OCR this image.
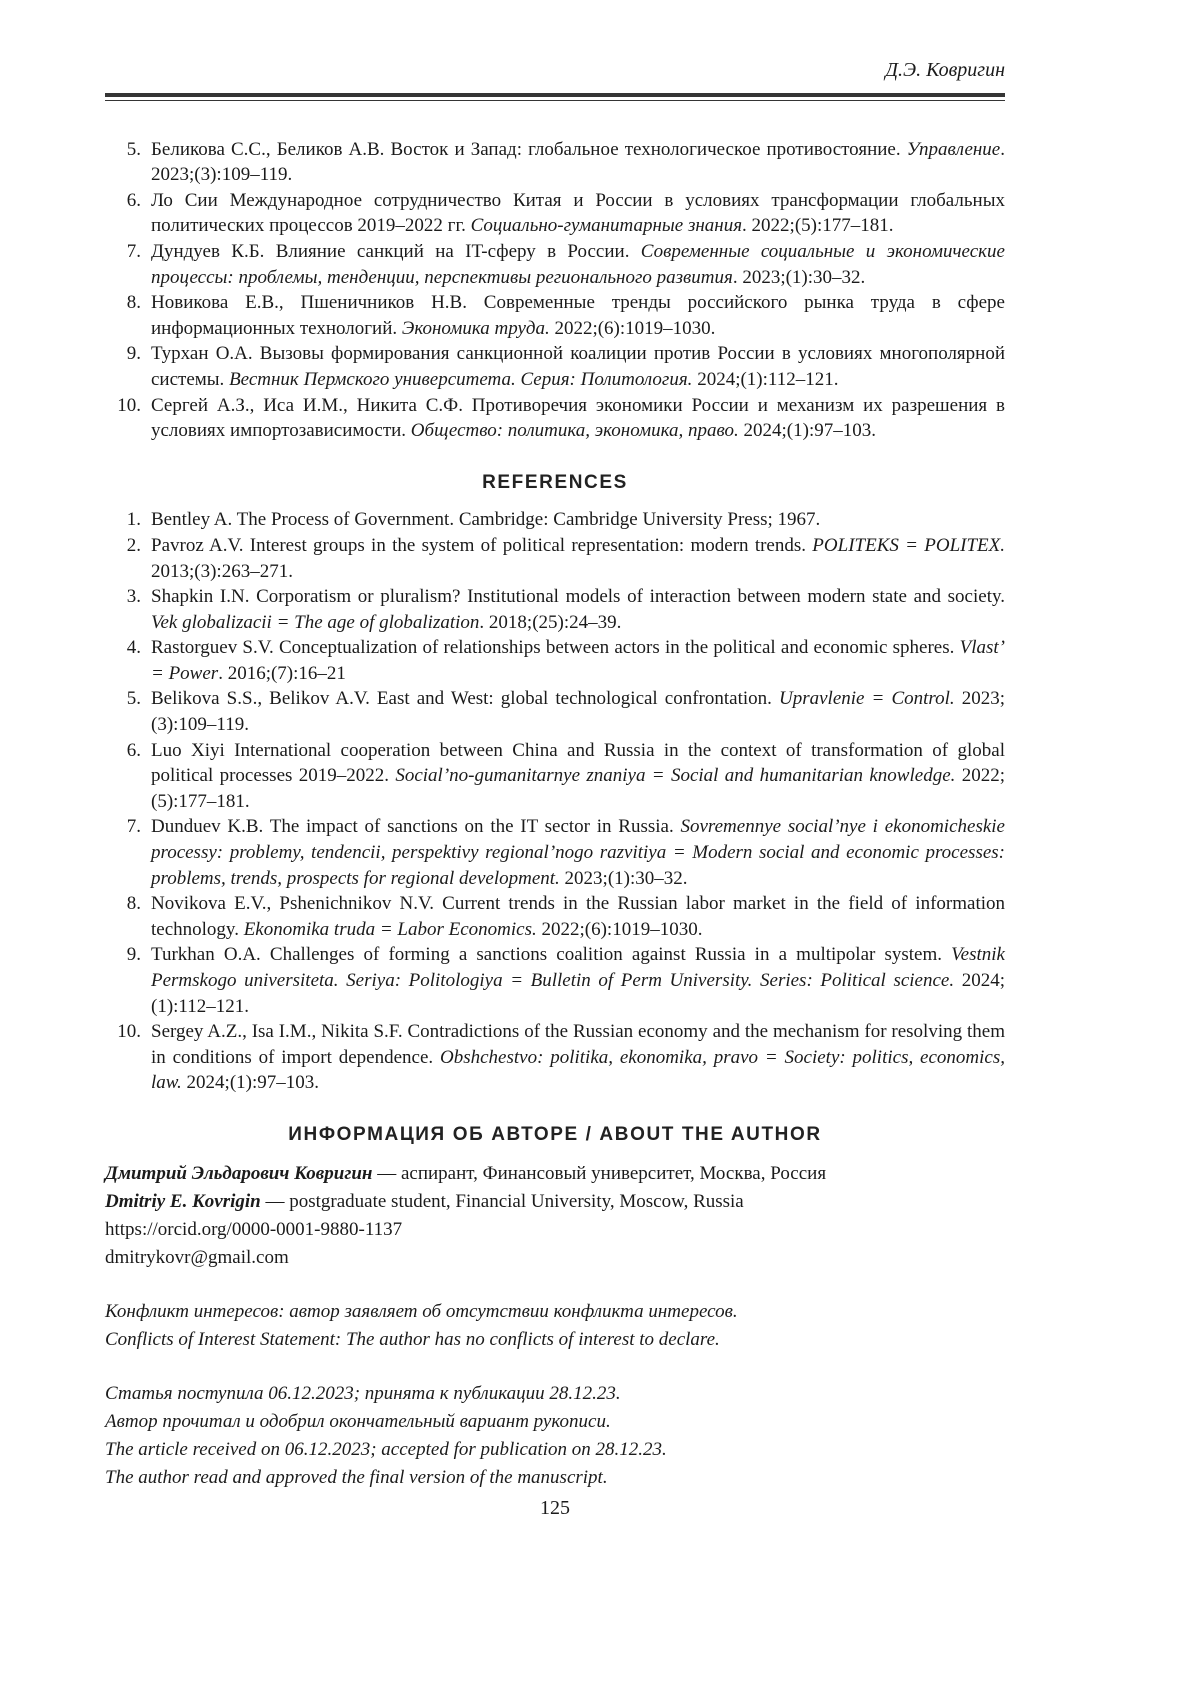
Д.Э. Ковригин
5. Беликова С.С., Беликов А.В. Восток и Запад: глобальное технологическое противостояние. Управление. 2023;(3):109–119.
6. Ло Сии Международное сотрудничество Китая и России в условиях трансформации глобальных политических процессов 2019–2022 гг. Социально-гуманитарные знания. 2022;(5):177–181.
7. Дундуев К.Б. Влияние санкций на IT-сферу в России. Современные социальные и экономические процессы: проблемы, тенденции, перспективы регионального развития. 2023;(1):30–32.
8. Новикова Е.В., Пшеничников Н.В. Современные тренды российского рынка труда в сфере информационных технологий. Экономика труда. 2022;(6):1019–1030.
9. Турхан О.А. Вызовы формирования санкционной коалиции против России в условиях многополярной системы. Вестник Пермского университета. Серия: Политология. 2024;(1):112–121.
10. Сергей А.З., Иса И.М., Никита С.Ф. Противоречия экономики России и механизм их разрешения в условиях импортозависимости. Общество: политика, экономика, право. 2024;(1):97–103.
REFERENCES
1. Bentley A. The Process of Government. Cambridge: Cambridge University Press; 1967.
2. Pavroz A.V. Interest groups in the system of political representation: modern trends. POLITEKS = POLITEX. 2013;(3):263–271.
3. Shapkin I.N. Corporatism or pluralism? Institutional models of interaction between modern state and society. Vek globalizacii = The age of globalization. 2018;(25):24–39.
4. Rastorguev S.V. Conceptualization of relationships between actors in the political and economic spheres. Vlast’ = Power. 2016;(7):16–21
5. Belikova S.S., Belikov A.V. East and West: global technological confrontation. Upravlenie = Control. 2023;(3):109–119.
6. Luo Xiyi International cooperation between China and Russia in the context of transformation of global political processes 2019–2022. Social’no-gumanitarnye znaniya = Social and humanitarian knowledge. 2022;(5):177–181.
7. Dunduev K.B. The impact of sanctions on the IT sector in Russia. Sovremennye social’nye i ekonomicheskie processy: problemy, tendencii, perspektivy regional’nogo razvitiya = Modern social and economic processes: problems, trends, prospects for regional development. 2023;(1):30–32.
8. Novikova E.V., Pshenichnikov N.V. Current trends in the Russian labor market in the field of information technology. Ekonomika truda = Labor Economics. 2022;(6):1019–1030.
9. Turkhan O.A. Challenges of forming a sanctions coalition against Russia in a multipolar system. Vestnik Permskogo universiteta. Seriya: Politologiya = Bulletin of Perm University. Series: Political science. 2024;(1):112–121.
10. Sergey A.Z., Isa I.M., Nikita S.F. Contradictions of the Russian economy and the mechanism for resolving them in conditions of import dependence. Obshchestvo: politika, ekonomika, pravo = Society: politics, economics, law. 2024;(1):97–103.
ИНФОРМАЦИЯ ОБ АВТОРЕ / ABOUT THE AUTHOR
Дмитрий Эльдарович Ковригин — аспирант, Финансовый университет, Москва, Россия
Dmitriy E. Kovrigin — postgraduate student, Financial University, Moscow, Russia
https://orcid.org/0000-0001-9880-1137
dmitrykovr@gmail.com
Конфликт интересов: автор заявляет об отсутствии конфликта интересов.
Conflicts of Interest Statement: The author has no conflicts of interest to declare.
Статья поступила 06.12.2023; принята к публикации 28.12.23.
Автор прочитал и одобрил окончательный вариант рукописи.
The article received on 06.12.2023; accepted for publication on 28.12.23.
The author read and approved the final version of the manuscript.
125
